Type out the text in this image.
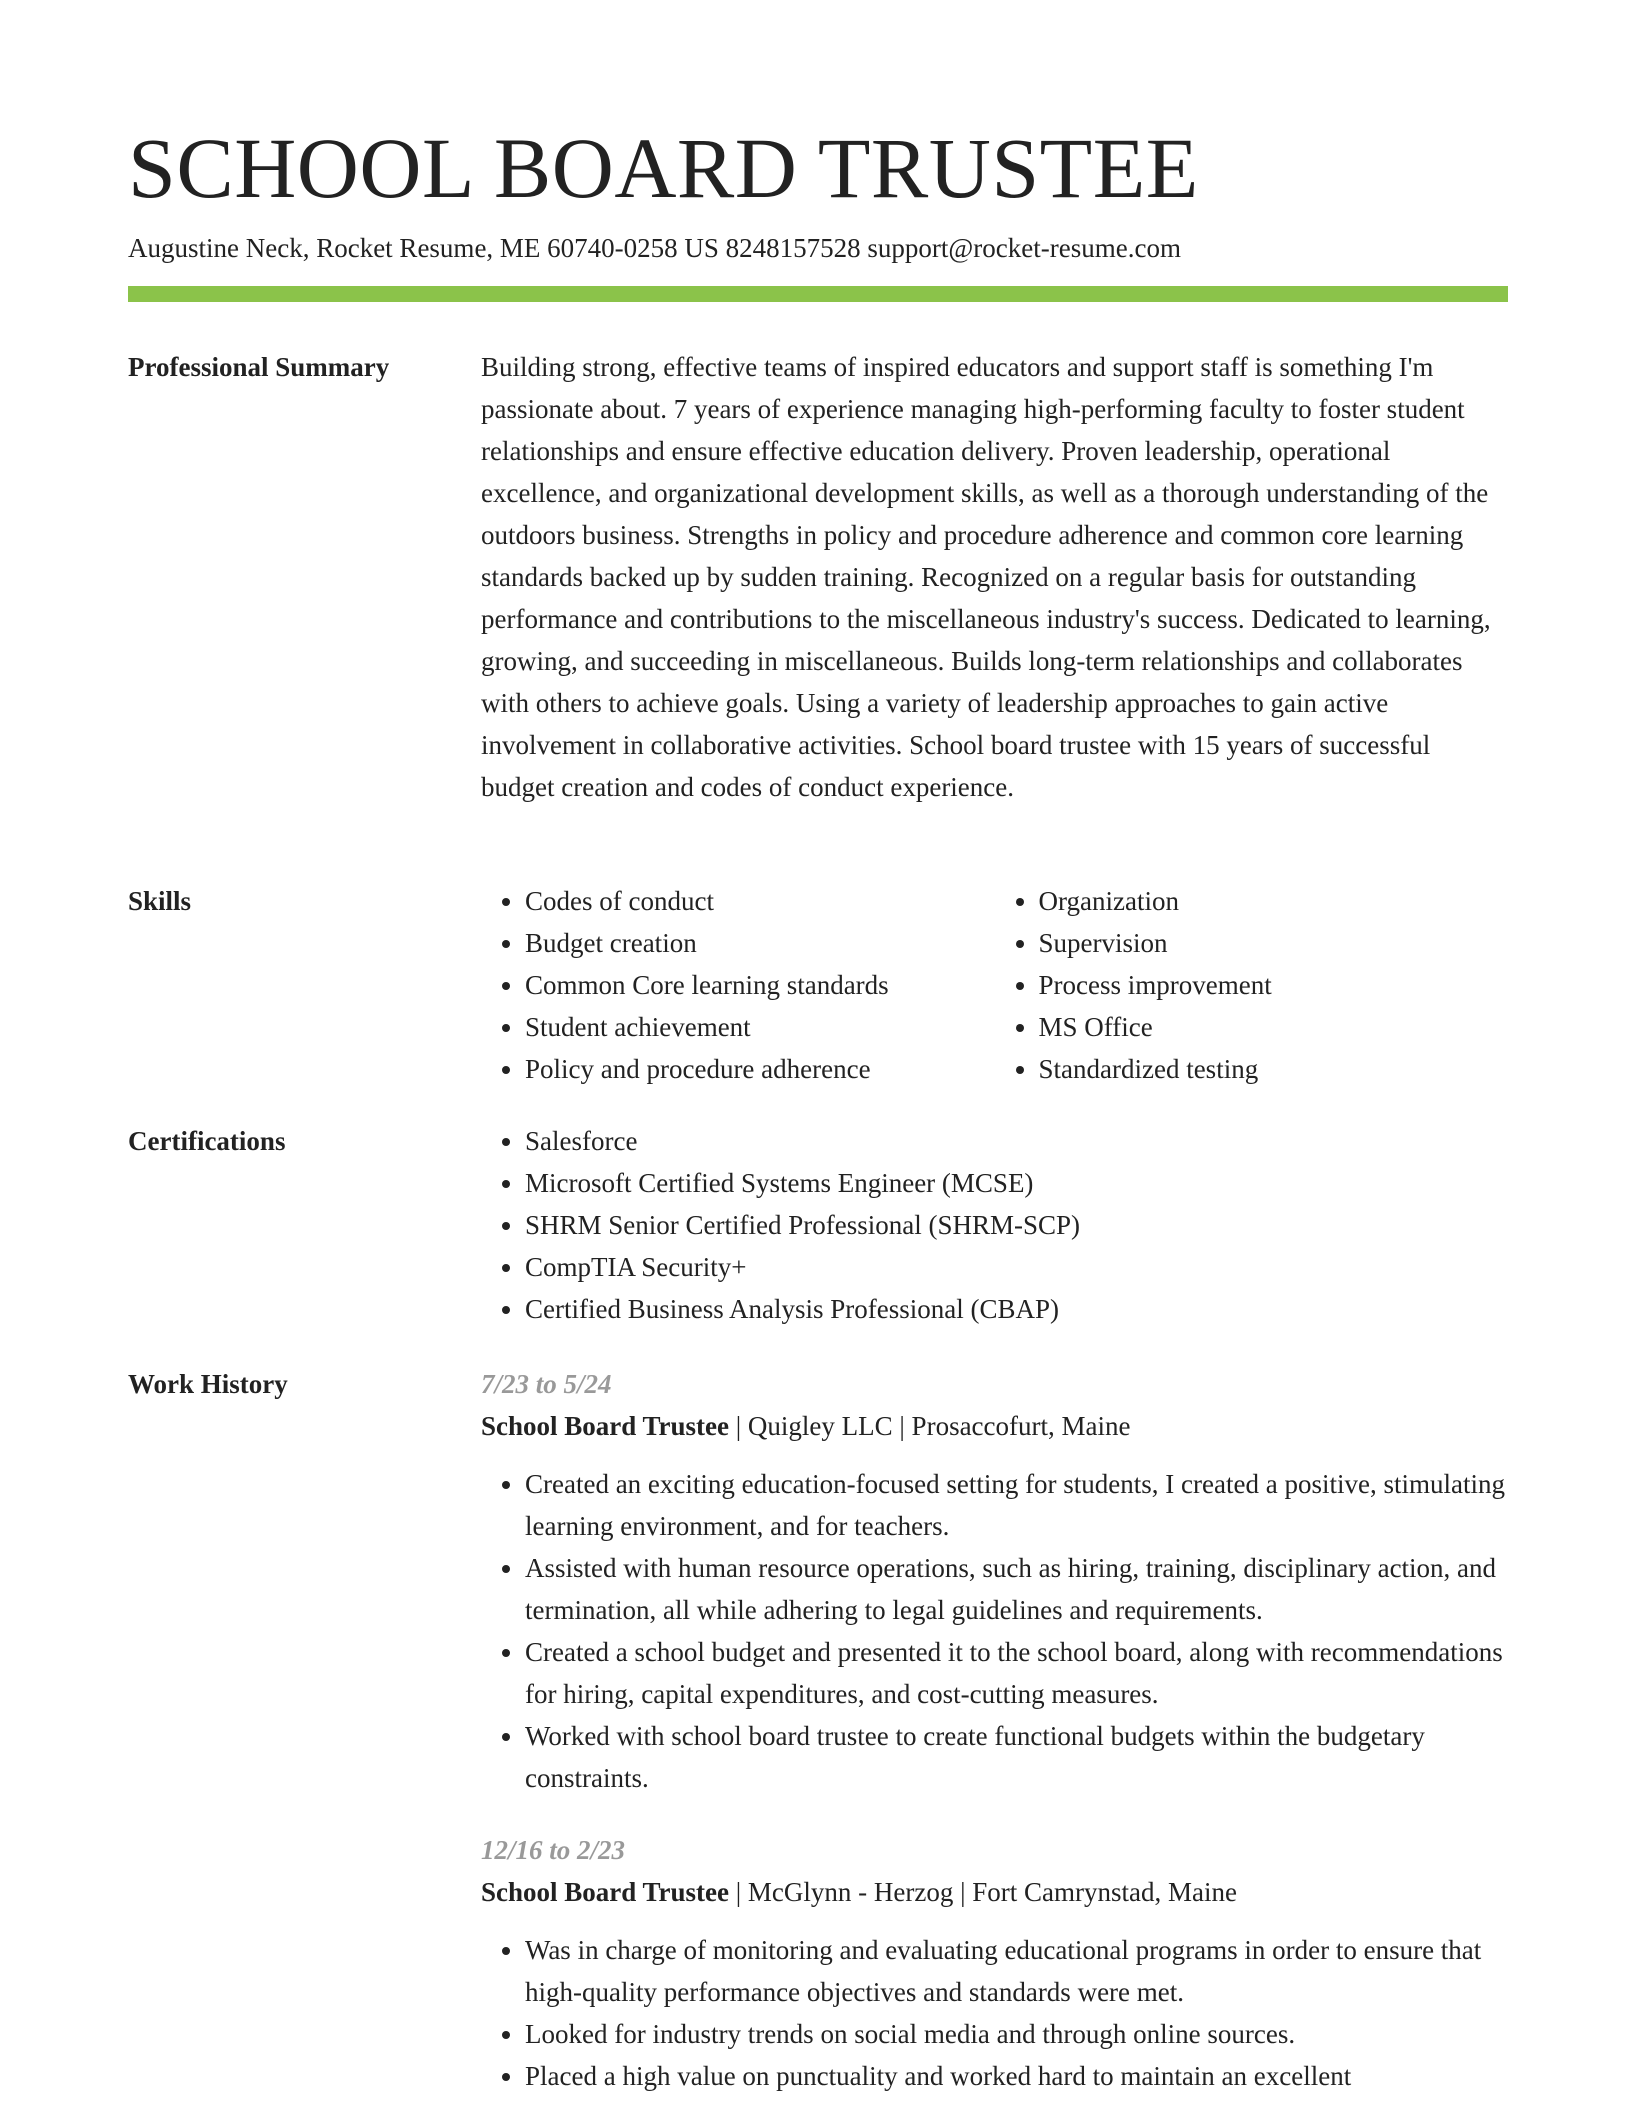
SCHOOL BOARD TRUSTEE
Augustine Neck, Rocket Resume, ME 60740-0258 US 8248157528 support@rocket-resume.com
Professional Summary	Building strong, effective teams of inspired educators and support staff is something I'm passionate about. 7 years of experience managing high-performing faculty to foster student relationships and ensure effective education delivery. Proven leadership, operational excellence, and organizational development skills, as well as a thorough understanding of the outdoors business. Strengths in policy and procedure adherence and common core learning standards backed up by sudden training. Recognized on a regular basis for outstanding performance and contributions to the miscellaneous industry's success. Dedicated to learning, growing, and succeeding in miscellaneous. Builds long-term relationships and collaborates with others to achieve goals. Using a variety of leadership approaches to gain active involvement in collaborative activities. School board trustee with 15 years of successful budget creation and codes of conduct experience.

Skills	• Codes of conduct
• Budget creation
• Common Core learning standards
• Student achievement
• Policy and procedure adherence
• Organization
• Supervision
• Process improvement
• MS Office
• Standardized testing
Certifications	• Salesforce
• Microsoft Certified Systems Engineer (MCSE)
• SHRM Senior Certified Professional (SHRM-SCP)
• CompTIA Security+
• Certified Business Analysis Professional (CBAP)
Work History	7/23 to 5/24
School Board Trustee | Quigley LLC | Prosaccofurt, Maine
• Created an exciting education-focused setting for students, I created a positive, stimulating learning environment, and for teachers.
• Assisted with human resource operations, such as hiring, training, disciplinary action, and termination, all while adhering to legal guidelines and requirements.
• Created a school budget and presented it to the school board, along with recommendations for hiring, capital expenditures, and cost-cutting measures.
• Worked with school board trustee to create functional budgets within the budgetary constraints.
12/16 to 2/23
School Board Trustee | McGlynn - Herzog | Fort Camrynstad, Maine
• Was in charge of monitoring and evaluating educational programs in order to ensure that high-quality performance objectives and standards were met.
• Looked for industry trends on social media and through online sources.
• Placed a high value on punctuality and worked hard to maintain an excellent
